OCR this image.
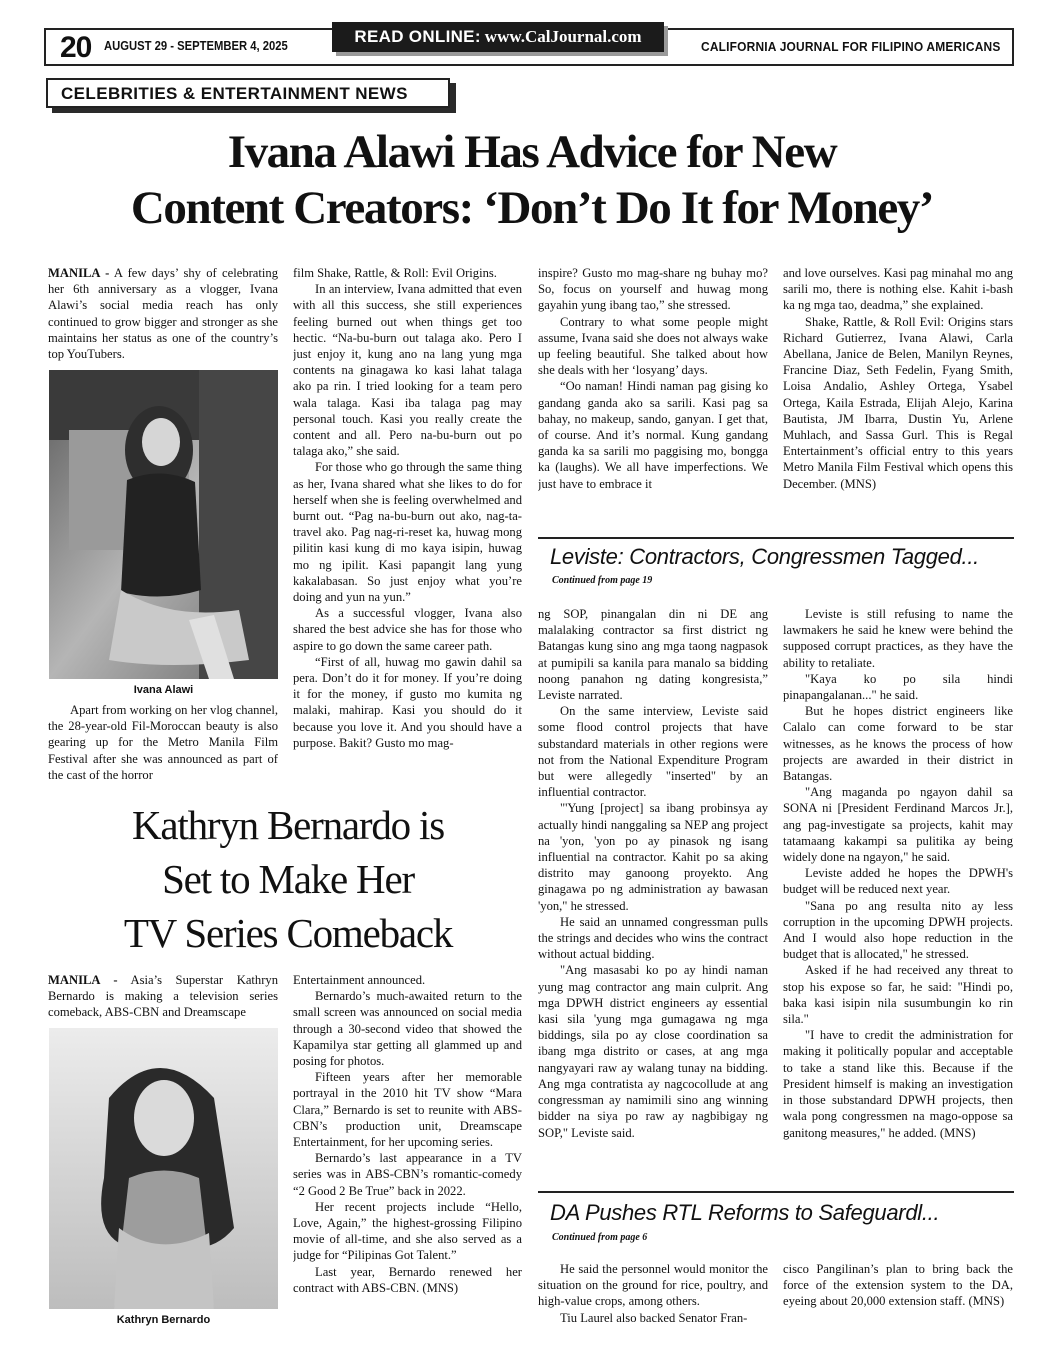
20 AUGUST 29 - SEPTEMBER 4, 2025	READ ONLINE: www.CalJournal.com
CALIFORNIA JOURNAL FOR FILIPINO AMERICANS
CELEBRITIES & ENTERTAINMENT NEWS
Ivana Alawi Has Advice for New
Content Creators: ‘Don’t Do It for Money’

MANILA - A few days’ shy of celebrating her 6th anniversary as a vlogger, Ivana Alawi’s social media reach has only continued to grow bigger and stronger as she maintains her status as one of the country’s top YouTubers.

Ivana Alawi

Apart from working on her vlog channel, the 28-year-old Fil-Moroccan beauty is also gearing up for the Metro Manila Film Festival after she was announced as part of the cast of the horror

film Shake, Rattle, & Roll: Evil Origins.

In an interview, Ivana admitted that even with all this success, she still experiences feeling burned out when things get too hectic. “Na-bu-burn out talaga ako. Pero I just enjoy it, kung ano na lang yung mga contents na ginagawa ko kasi lahat talaga ako pa rin. I tried looking for a team pero wala talaga. Kasi iba talaga pag may personal touch. Kasi you really create the content and all. Pero na-bu-burn out po talaga ako,” she said.

For those who go through the same thing as her, Ivana shared what she likes to do for herself when she is feeling overwhelmed and burnt out. “Pag na-bu-burn out ako, nag-ta-travel ako. Pag nag-ri-reset ka, huwag mong pilitin kasi kung di mo kaya isipin, huwag mo ng ipilit. Kasi papangit lang yung kakalabasan. So just enjoy what you’re doing and yun na yun.”

As a successful vlogger, Ivana also shared the best advice she has for those who aspire to go down the same career path.

“First of all, huwag mo gawin dahil sa pera. Don’t do it for money. If you’re doing it for the money, if gusto mo kumita ng malaki, mahirap. Kasi you should do it because you love it. And you should have a purpose. Bakit? Gusto mo mag-

inspire? Gusto mo mag-share ng buhay mo? So, focus on yourself and huwag mong gayahin yung ibang tao,” she stressed.

Contrary to what some people might assume, Ivana said she does not always wake up feeling beautiful. She talked about how she deals with her ‘losyang’ days.

“Oo naman! Hindi naman pag gising ko gandang ganda ako sa sarili. Kasi pag sa bahay, no makeup, sando, ganyan. I get that, of course. And it’s normal. Kung gandang ganda ka sa sarili mo paggising mo, bongga ka (laughs). We all have imperfections. We just have to embrace it

and love ourselves. Kasi pag minahal mo ang sarili mo, there is nothing else. Kahit i-bash ka ng mga tao, deadma,” she explained.

Shake, Rattle, & Roll Evil: Origins stars Richard Gutierrez, Ivana Alawi, Carla Abellana, Janice de Belen, Manilyn Reynes, Francine Diaz, Seth Fedelin, Fyang Smith, Loisa Andalio, Ashley Ortega, Ysabel Ortega, Kaila Estrada, Elijah Alejo, Karina Bautista, JM Ibarra, Dustin Yu, Arlene Muhlach, and Sassa Gurl. This is Regal Entertainment’s official entry to this years Metro Manila Film Festival which opens this December. (MNS)

Leviste: Contractors, Congressmen Tagged...
Continued from page 19

ng SOP, pinangalan din ni DE ang malalaking contractor sa first district ng Batangas kung sino ang mga taong nagpasok at pumipili sa kanila para manalo sa bidding noong panahon ng dating kongresista,” Leviste narrated.

On the same interview, Leviste said some flood control projects that have substandard materials in other regions were not from the National Expenditure Program but were allegedly "inserted" by an influential contractor.

"'Yung [project] sa ibang probinsya ay actually hindi nanggaling sa NEP ang project na 'yon, 'yon po ay pinasok ng isang influential na contractor. Kahit po sa aking distrito may ganoong proyekto. Ang ginagawa po ng administration ay bawasan 'yon," he stressed.

He said an unnamed congressman pulls the strings and decides who wins the contract without actual bidding.

"Ang masasabi ko po ay hindi naman yung mag contractor ang main culprit. Ang mga DPWH district engineers ay essential kasi sila 'yung mga gumagawa ng mga biddings, sila po ay close coordination sa ibang mga distrito or cases, at ang mga nangyayari raw ay walang tunay na bidding. Ang mga contratista ay nagcocollude at ang congressman ay namimili sino ang winning bidder na siya po raw ay nagbibigay ng SOP," Leviste said.

Leviste is still refusing to name the lawmakers he said he knew were behind the supposed corrupt practices, as they have the ability to retaliate.

"Kaya ko po sila hindi pinapangalanan..." he said.

But he hopes district engineers like Calalo can come forward to be star witnesses, as he knows the process of how projects are awarded in their district in Batangas.

"Ang maganda po ngayon dahil sa SONA ni [President Ferdinand Marcos Jr.], ang pag-investigate sa projects, kahit may tatamaang kakampi sa pulitika ay being widely done na ngayon," he said.

Leviste added he hopes the DPWH's budget will be reduced next year.

"Sana po ang resulta nito ay less corruption in the upcoming DPWH projects. And I would also hope reduction in the budget that is allocated," he stressed.

Asked if he had received any threat to stop his expose so far, he said: "Hindi po, baka kasi isipin nila susumbungin ko rin sila."

"I have to credit the administration for making it politically popular and acceptable to take a stand like this. Because if the President himself is making an investigation in those substandard DPWH projects, then wala pong congressmen na mago-oppose sa ganitong measures," he added. (MNS)

Kathryn Bernardo is
Set to Make Her
TV Series Comeback

MANILA - Asia’s Superstar Kathryn Bernardo is making a television series comeback, ABS-CBN and Dreamscape

Kathryn Bernardo

Entertainment announced.

Bernardo’s much-awaited return to the small screen was announced on social media through a 30-second video that showed the Kapamilya star getting all glammed up and posing for photos.

Fifteen years after her memorable portrayal in the 2010 hit TV show “Mara Clara,” Bernardo is set to reunite with ABS-CBN’s production unit, Dreamscape Entertainment, for her upcoming series.

Bernardo’s last appearance in a TV series was in ABS-CBN’s romantic-comedy “2 Good 2 Be True” back in 2022.

Her recent projects include “Hello, Love, Again,” the highest-grossing Filipino movie of all-time, and she also served as a judge for “Pilipinas Got Talent.”

Last year, Bernardo renewed her contract with ABS-CBN. (MNS)

DA Pushes RTL Reforms to Safeguardl...
Continued from page 6

He said the personnel would monitor the situation on the ground for rice, poultry, and high-value crops, among others.

Tiu Laurel also backed Senator Fran-

cisco Pangilinan’s plan to bring back the force of the extension system to the DA, eyeing about 20,000 extension staff. (MNS)
